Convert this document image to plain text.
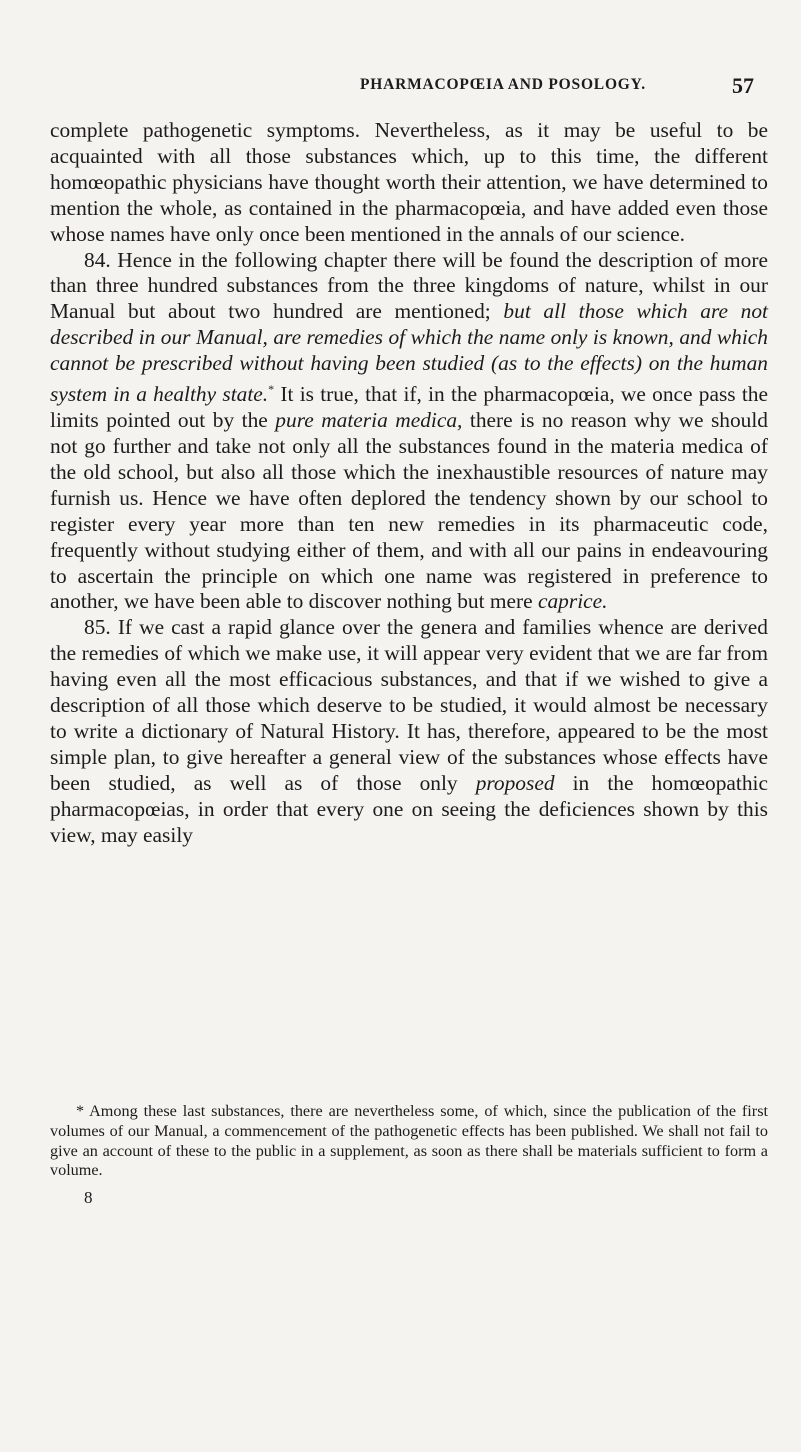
PHARMACOPŒIA AND POSOLOGY.	57

complete pathogenetic symptoms. Nevertheless, as it may be useful to be acquainted with all those substances which, up to this time, the different homœopathic physicians have thought worth their attention, we have determined to mention the whole, as contained in the pharmacopœia, and have added even those whose names have only once been mentioned in the annals of our science.

84. Hence in the following chapter there will be found the description of more than three hundred substances from the three kingdoms of nature, whilst in our Manual but about two hundred are mentioned; but all those which are not described in our Manual, are remedies of which the name only is known, and which cannot be prescribed without having been studied (as to the effects) on the human system in a healthy state.* It is true, that if, in the pharmacopœia, we once pass the limits pointed out by the pure materia medica, there is no reason why we should not go further and take not only all the substances found in the materia medica of the old school, but also all those which the inexhaustible resources of nature may furnish us. Hence we have often deplored the tendency shown by our school to register every year more than ten new remedies in its pharmaceutic code, frequently without studying either of them, and with all our pains in endeavouring to ascertain the principle on which one name was registered in preference to another, we have been able to discover nothing but mere caprice.

85. If we cast a rapid glance over the genera and families whence are derived the remedies of which we make use, it will appear very evident that we are far from having even all the most efficacious substances, and that if we wished to give a description of all those which deserve to be studied, it would almost be necessary to write a dictionary of Natural History. It has, therefore, appeared to be the most simple plan, to give hereafter a general view of the substances whose effects have been studied, as well as of those only proposed in the homœopathic pharmacopœias, in order that every one on seeing the deficiences shown by this view, may easily

* Among these last substances, there are nevertheless some, of which, since the publication of the first volumes of our Manual, a commencement of the pathogenetic effects has been published. We shall not fail to give an account of these to the public in a supplement, as soon as there shall be materials sufficient to form a volume.

8
